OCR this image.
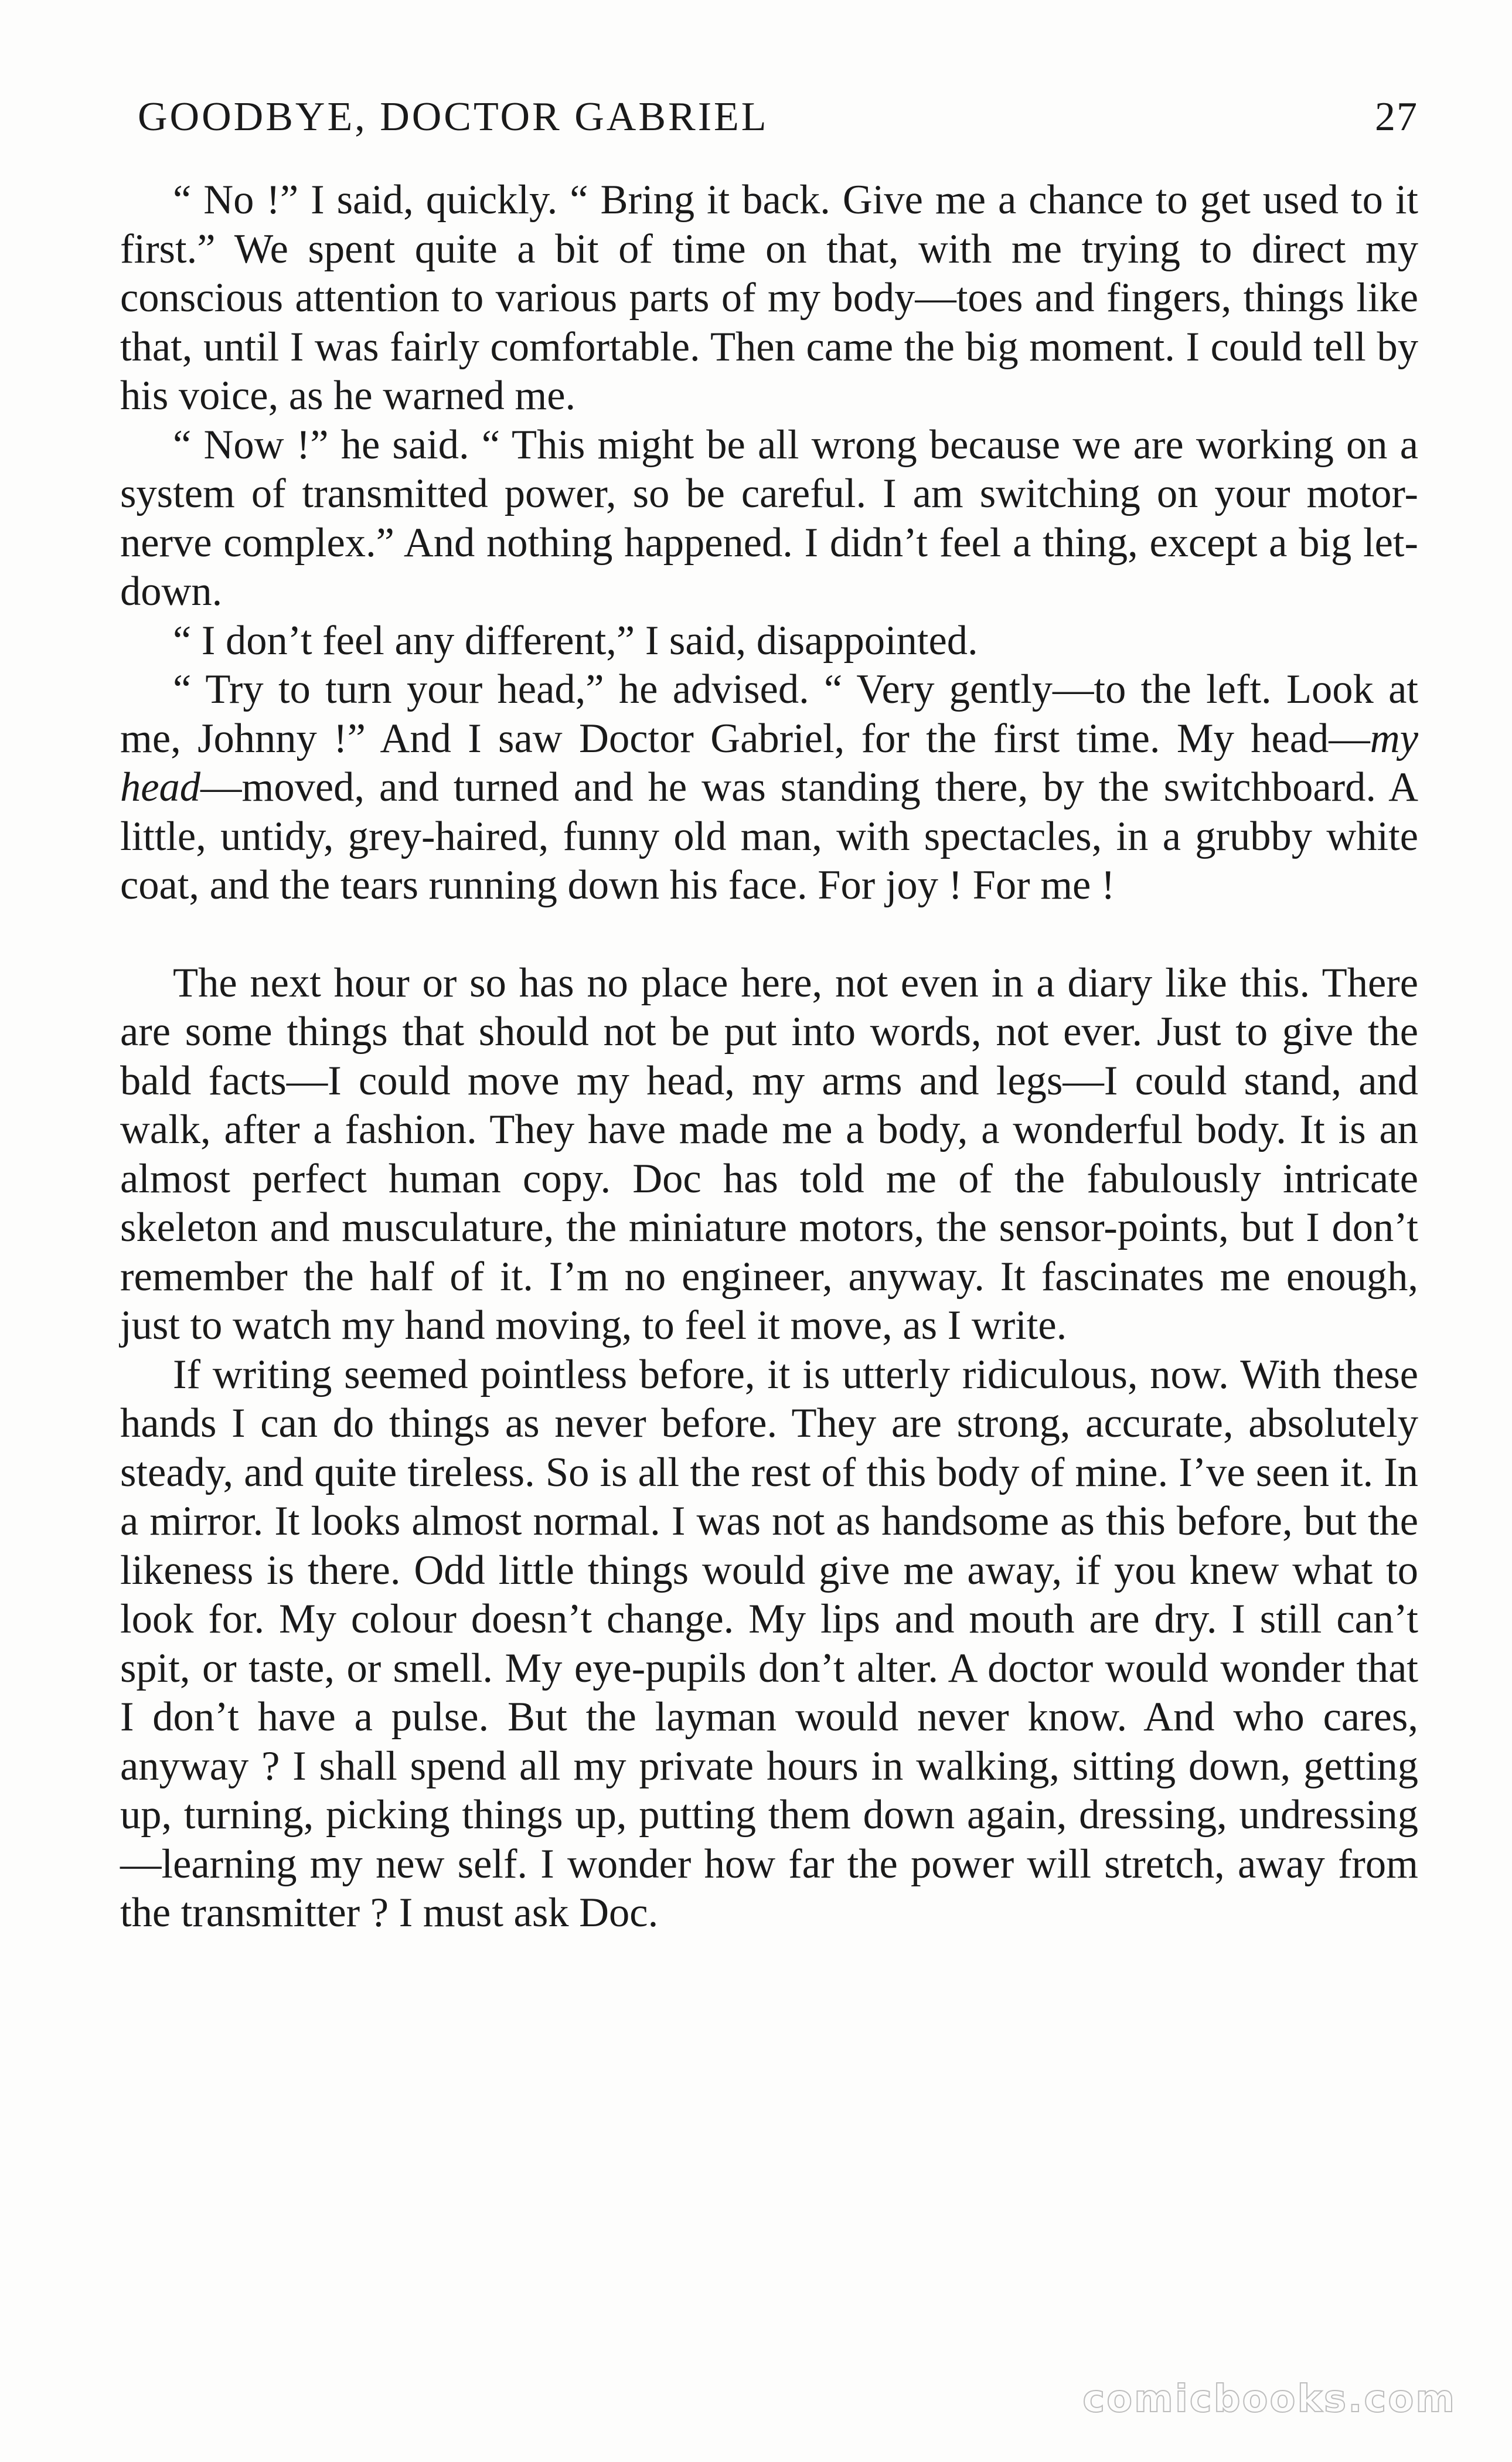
GOODBYE, DOCTOR GABRIEL	27

“ No !” I said, quickly. “ Bring it back. Give me a chance to get used to it first.” We spent quite a bit of time on that, with me trying to direct my conscious attention to various parts of my body—toes and fingers, things like that, until I was fairly comfortable. Then came the big moment. I could tell by his voice, as he warned me.

“ Now !” he said. “ This might be all wrong because we are working on a system of transmitted power, so be careful. I am switching on your motor-nerve complex.” And nothing happened. I didn’t feel a thing, except a big let-down.

“ I don’t feel any different,” I said, disappointed.

“ Try to turn your head,” he advised. “ Very gently—to the left. Look at me, Johnny !” And I saw Doctor Gabriel, for the first time. My head—my head—moved, and turned and he was standing there, by the switchboard. A little, untidy, grey-haired, funny old man, with spectacles, in a grubby white coat, and the tears running down his face. For joy ! For me !

The next hour or so has no place here, not even in a diary like this. There are some things that should not be put into words, not ever. Just to give the bald facts—I could move my head, my arms and legs—I could stand, and walk, after a fashion. They have made me a body, a wonderful body. It is an almost perfect human copy. Doc has told me of the fabulously intricate skeleton and musculature, the miniature motors, the sensor-points, but I don’t remember the half of it. I’m no engineer, anyway. It fascinates me enough, just to watch my hand moving, to feel it move, as I write.

If writing seemed pointless before, it is utterly ridiculous, now. With these hands I can do things as never before. They are strong, accurate, absolutely steady, and quite tireless. So is all the rest of this body of mine. I’ve seen it. In a mirror. It looks almost normal. I was not as handsome as this before, but the likeness is there. Odd little things would give me away, if you knew what to look for. My colour doesn’t change. My lips and mouth are dry. I still can’t spit, or taste, or smell. My eye-pupils don’t alter. A doctor would wonder that I don’t have a pulse. But the layman would never know. And who cares, anyway ? I shall spend all my private hours in walking, sitting down, getting up, turning, picking things up, putting them down again, dressing, undressing—learning my new self. I wonder how far the power will stretch, away from the transmitter ? I must ask Doc.

comicbooks.com
